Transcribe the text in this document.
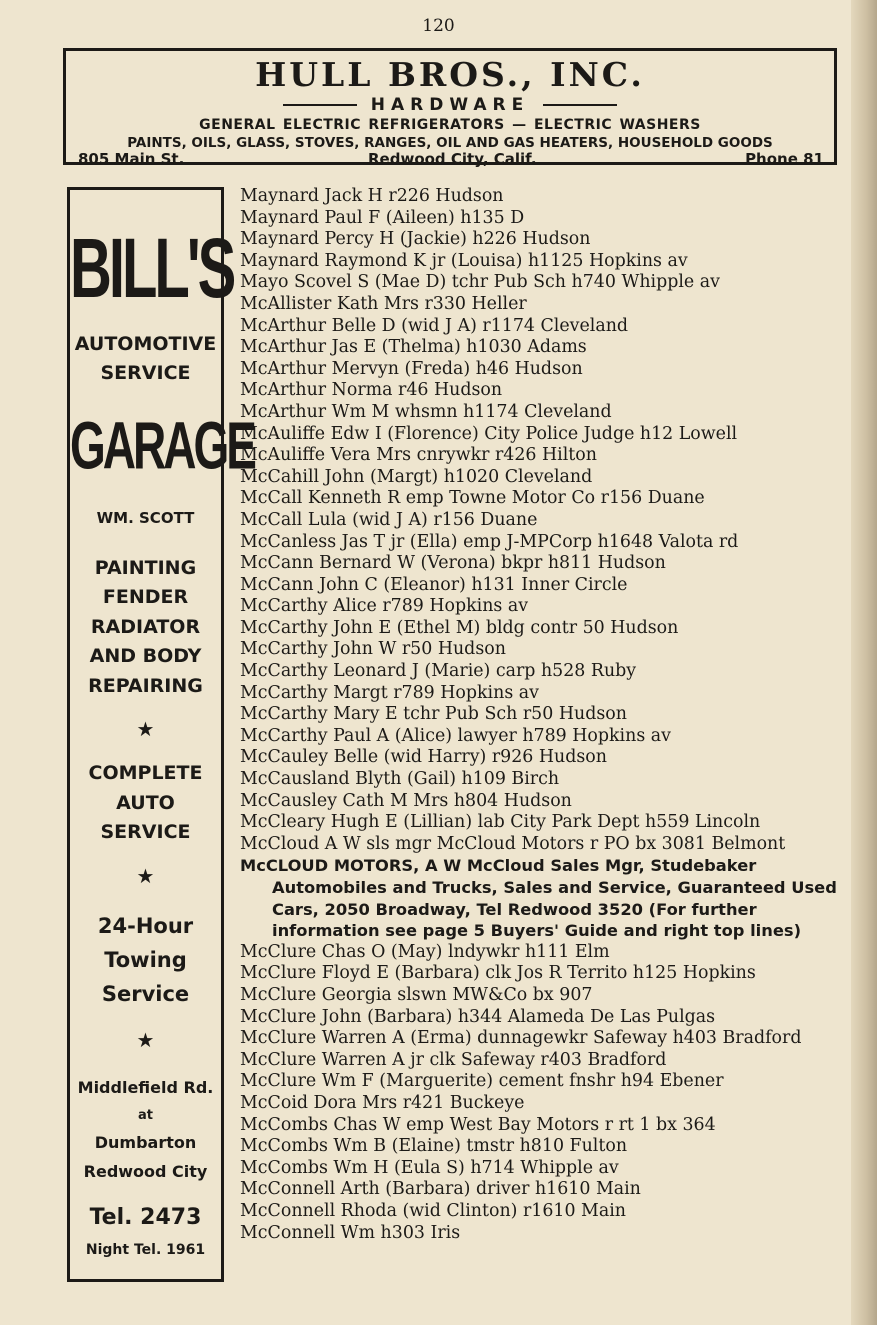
120
HULL BROS., INC.
HARDWARE
GENERAL ELECTRIC REFRIGERATORS — ELECTRIC WASHERS
PAINTS, OILS, GLASS, STOVES, RANGES, OIL AND GAS HEATERS, HOUSEHOLD GOODS
805 Main St.	Redwood City, Calif.	Phone 81
BILL'S
AUTOMOTIVE
SERVICE
GARAGE
WM. SCOTT
PAINTING
FENDER
RADIATOR
AND BODY
REPAIRING
★
COMPLETE
AUTO
SERVICE
★
24-Hour
Towing
Service
★
Middlefield Rd.
at
Dumbarton
Redwood City
Tel. 2473
Night Tel. 1961
Maynard Jack H r226 Hudson
Maynard Paul F (Aileen) h135 D
Maynard Percy H (Jackie) h226 Hudson
Maynard Raymond K jr (Louisa) h1125 Hopkins av
Mayo Scovel S (Mae D) tchr Pub Sch h740 Whipple av
McAllister Kath Mrs r330 Heller
McArthur Belle D (wid J A) r1174 Cleveland
McArthur Jas E (Thelma) h1030 Adams
McArthur Mervyn (Freda) h46 Hudson
McArthur Norma r46 Hudson
McArthur Wm M whsmn h1174 Cleveland
McAuliffe Edw I (Florence) City Police Judge h12 Lowell
McAuliffe Vera Mrs cnrywkr r426 Hilton
McCahill John (Margt) h1020 Cleveland
McCall Kenneth R emp Towne Motor Co r156 Duane
McCall Lula (wid J A) r156 Duane
McCanless Jas T jr (Ella) emp J-MPCorp h1648 Valota rd
McCann Bernard W (Verona) bkpr h811 Hudson
McCann John C (Eleanor) h131 Inner Circle
McCarthy Alice r789 Hopkins av
McCarthy John E (Ethel M) bldg contr 50 Hudson
McCarthy John W r50 Hudson
McCarthy Leonard J (Marie) carp h528 Ruby
McCarthy Margt r789 Hopkins av
McCarthy Mary E tchr Pub Sch r50 Hudson
McCarthy Paul A (Alice) lawyer h789 Hopkins av
McCauley Belle (wid Harry) r926 Hudson
McCausland Blyth (Gail) h109 Birch
McCausley Cath M Mrs h804 Hudson
McCleary Hugh E (Lillian) lab City Park Dept h559 Lincoln
McCloud A W sls mgr McCloud Motors r PO bx 3081 Belmont
McCLOUD MOTORS, A W McCloud Sales Mgr, Studebaker Automobiles and Trucks, Sales and Service, Guaranteed Used Cars, 2050 Broadway, Tel Redwood 3520 (For further information see page 5 Buyers' Guide and right top lines)
McClure Chas O (May) lndywkr h111 Elm
McClure Floyd E (Barbara) clk Jos R Territo h125 Hopkins
McClure Georgia slswn MW&Co bx 907
McClure John (Barbara) h344 Alameda De Las Pulgas
McClure Warren A (Erma) dunnagewkr Safeway h403 Bradford
McClure Warren A jr clk Safeway r403 Bradford
McClure Wm F (Marguerite) cement fnshr h94 Ebener
McCoid Dora Mrs r421 Buckeye
McCombs Chas W emp West Bay Motors r rt 1 bx 364
McCombs Wm B (Elaine) tmstr h810 Fulton
McCombs Wm H (Eula S) h714 Whipple av
McConnell Arth (Barbara) driver h1610 Main
McConnell Rhoda (wid Clinton) r1610 Main
McConnell Wm h303 Iris
